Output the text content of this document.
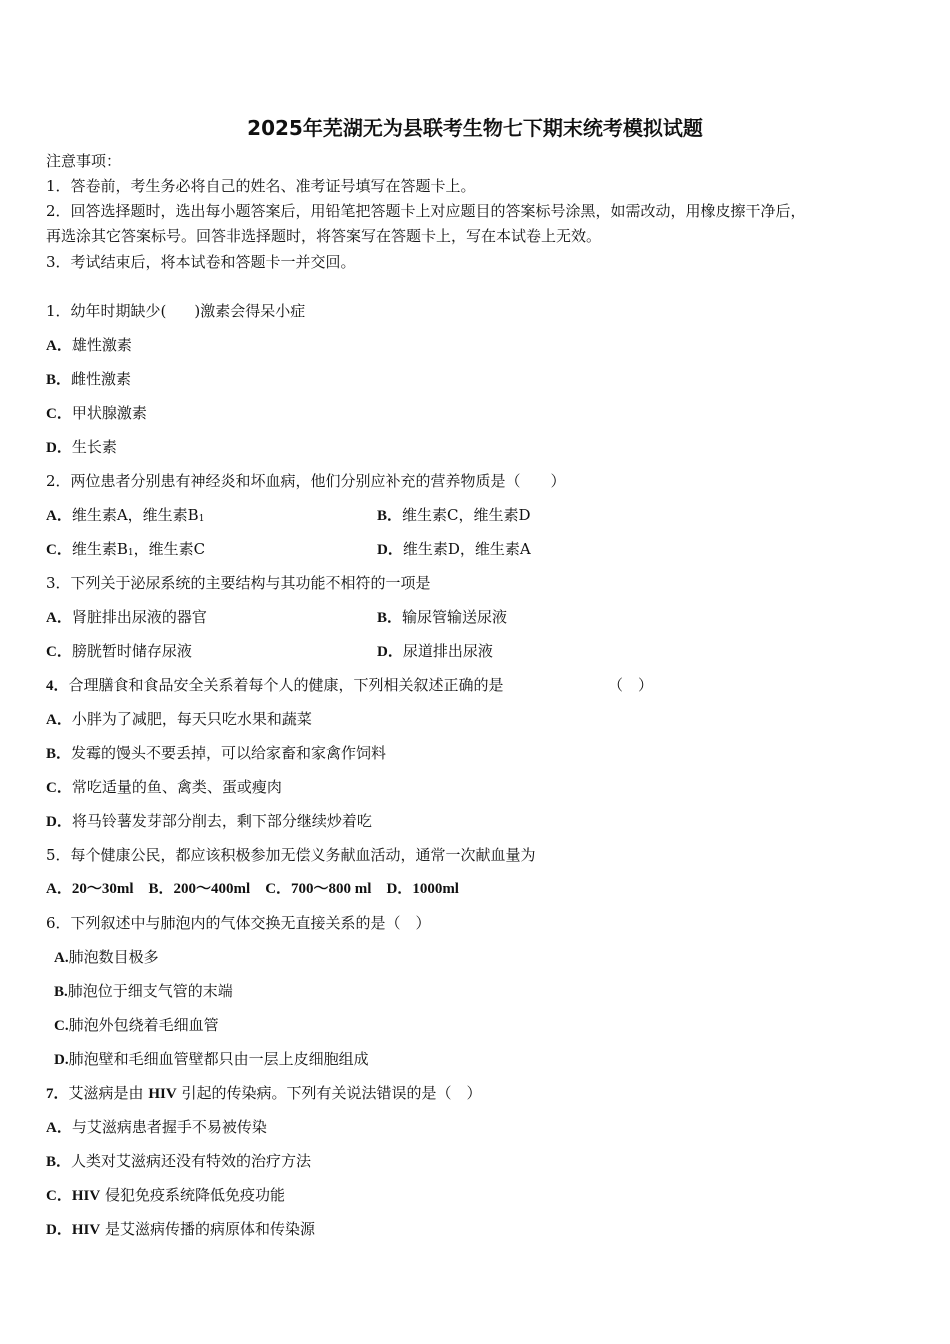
2025年芜湖无为县联考生物七下期末统考模拟试题
注意事项：
1．答卷前，考生务必将自己的姓名、准考证号填写在答题卡上。
2．回答选择题时，选出每小题答案后，用铅笔把答题卡上对应题目的答案标号涂黑，如需改动，用橡皮擦干净后，
再选涂其它答案标号。回答非选择题时，将答案写在答题卡上，写在本试卷上无效。
3．考试结束后，将本试卷和答题卡一并交回。
1．幼年时期缺少( )激素会得呆小症
A．雄性激素
B．雌性激素
C．甲状腺激素
D．生长素
2．两位患者分别患有神经炎和坏血病，他们分别应补充的营养物质是（　　）
A．维生素A，维生素$B_1$	B．维生素C，维生素D
C．维生素$B_1$，维生素C	D．维生素D，维生素A
3．下列关于泌尿系统的主要结构与其功能不相符的一项是
A．肾脏排出尿液的器官	B．输尿管输送尿液
C．膀胱暂时储存尿液	D．尿道排出尿液
4．合理膳食和食品安全关系着每个人的健康，下列相关叙述正确的是	（　）
A．小胖为了减肥，每天只吃水果和蔬菜
B．发霉的馒头不要丢掉，可以给家畜和家禽作饲料
C．常吃适量的鱼、禽类、蛋或瘦肉
D．将马铃薯发芽部分削去，剩下部分继续炒着吃
5．每个健康公民，都应该积极参加无偿义务献血活动，通常一次献血量为
A．20～30ml B．200～400ml C．700～800 ml D．1000ml
6．下列叙述中与肺泡内的气体交换无直接关系的是（　）
A.肺泡数目极多
B.肺泡位于细支气管的末端
C.肺泡外包绕着毛细血管
D.肺泡壁和毛细血管壁都只由一层上皮细胞组成
7．艾滋病是由 HIV 引起的传染病。下列有关说法错误的是（　）
A．与艾滋病患者握手不易被传染
B．人类对艾滋病还没有特效的治疗方法
C．HIV 侵犯免疫系统降低免疫功能
D．HIV 是艾滋病传播的病原体和传染源
